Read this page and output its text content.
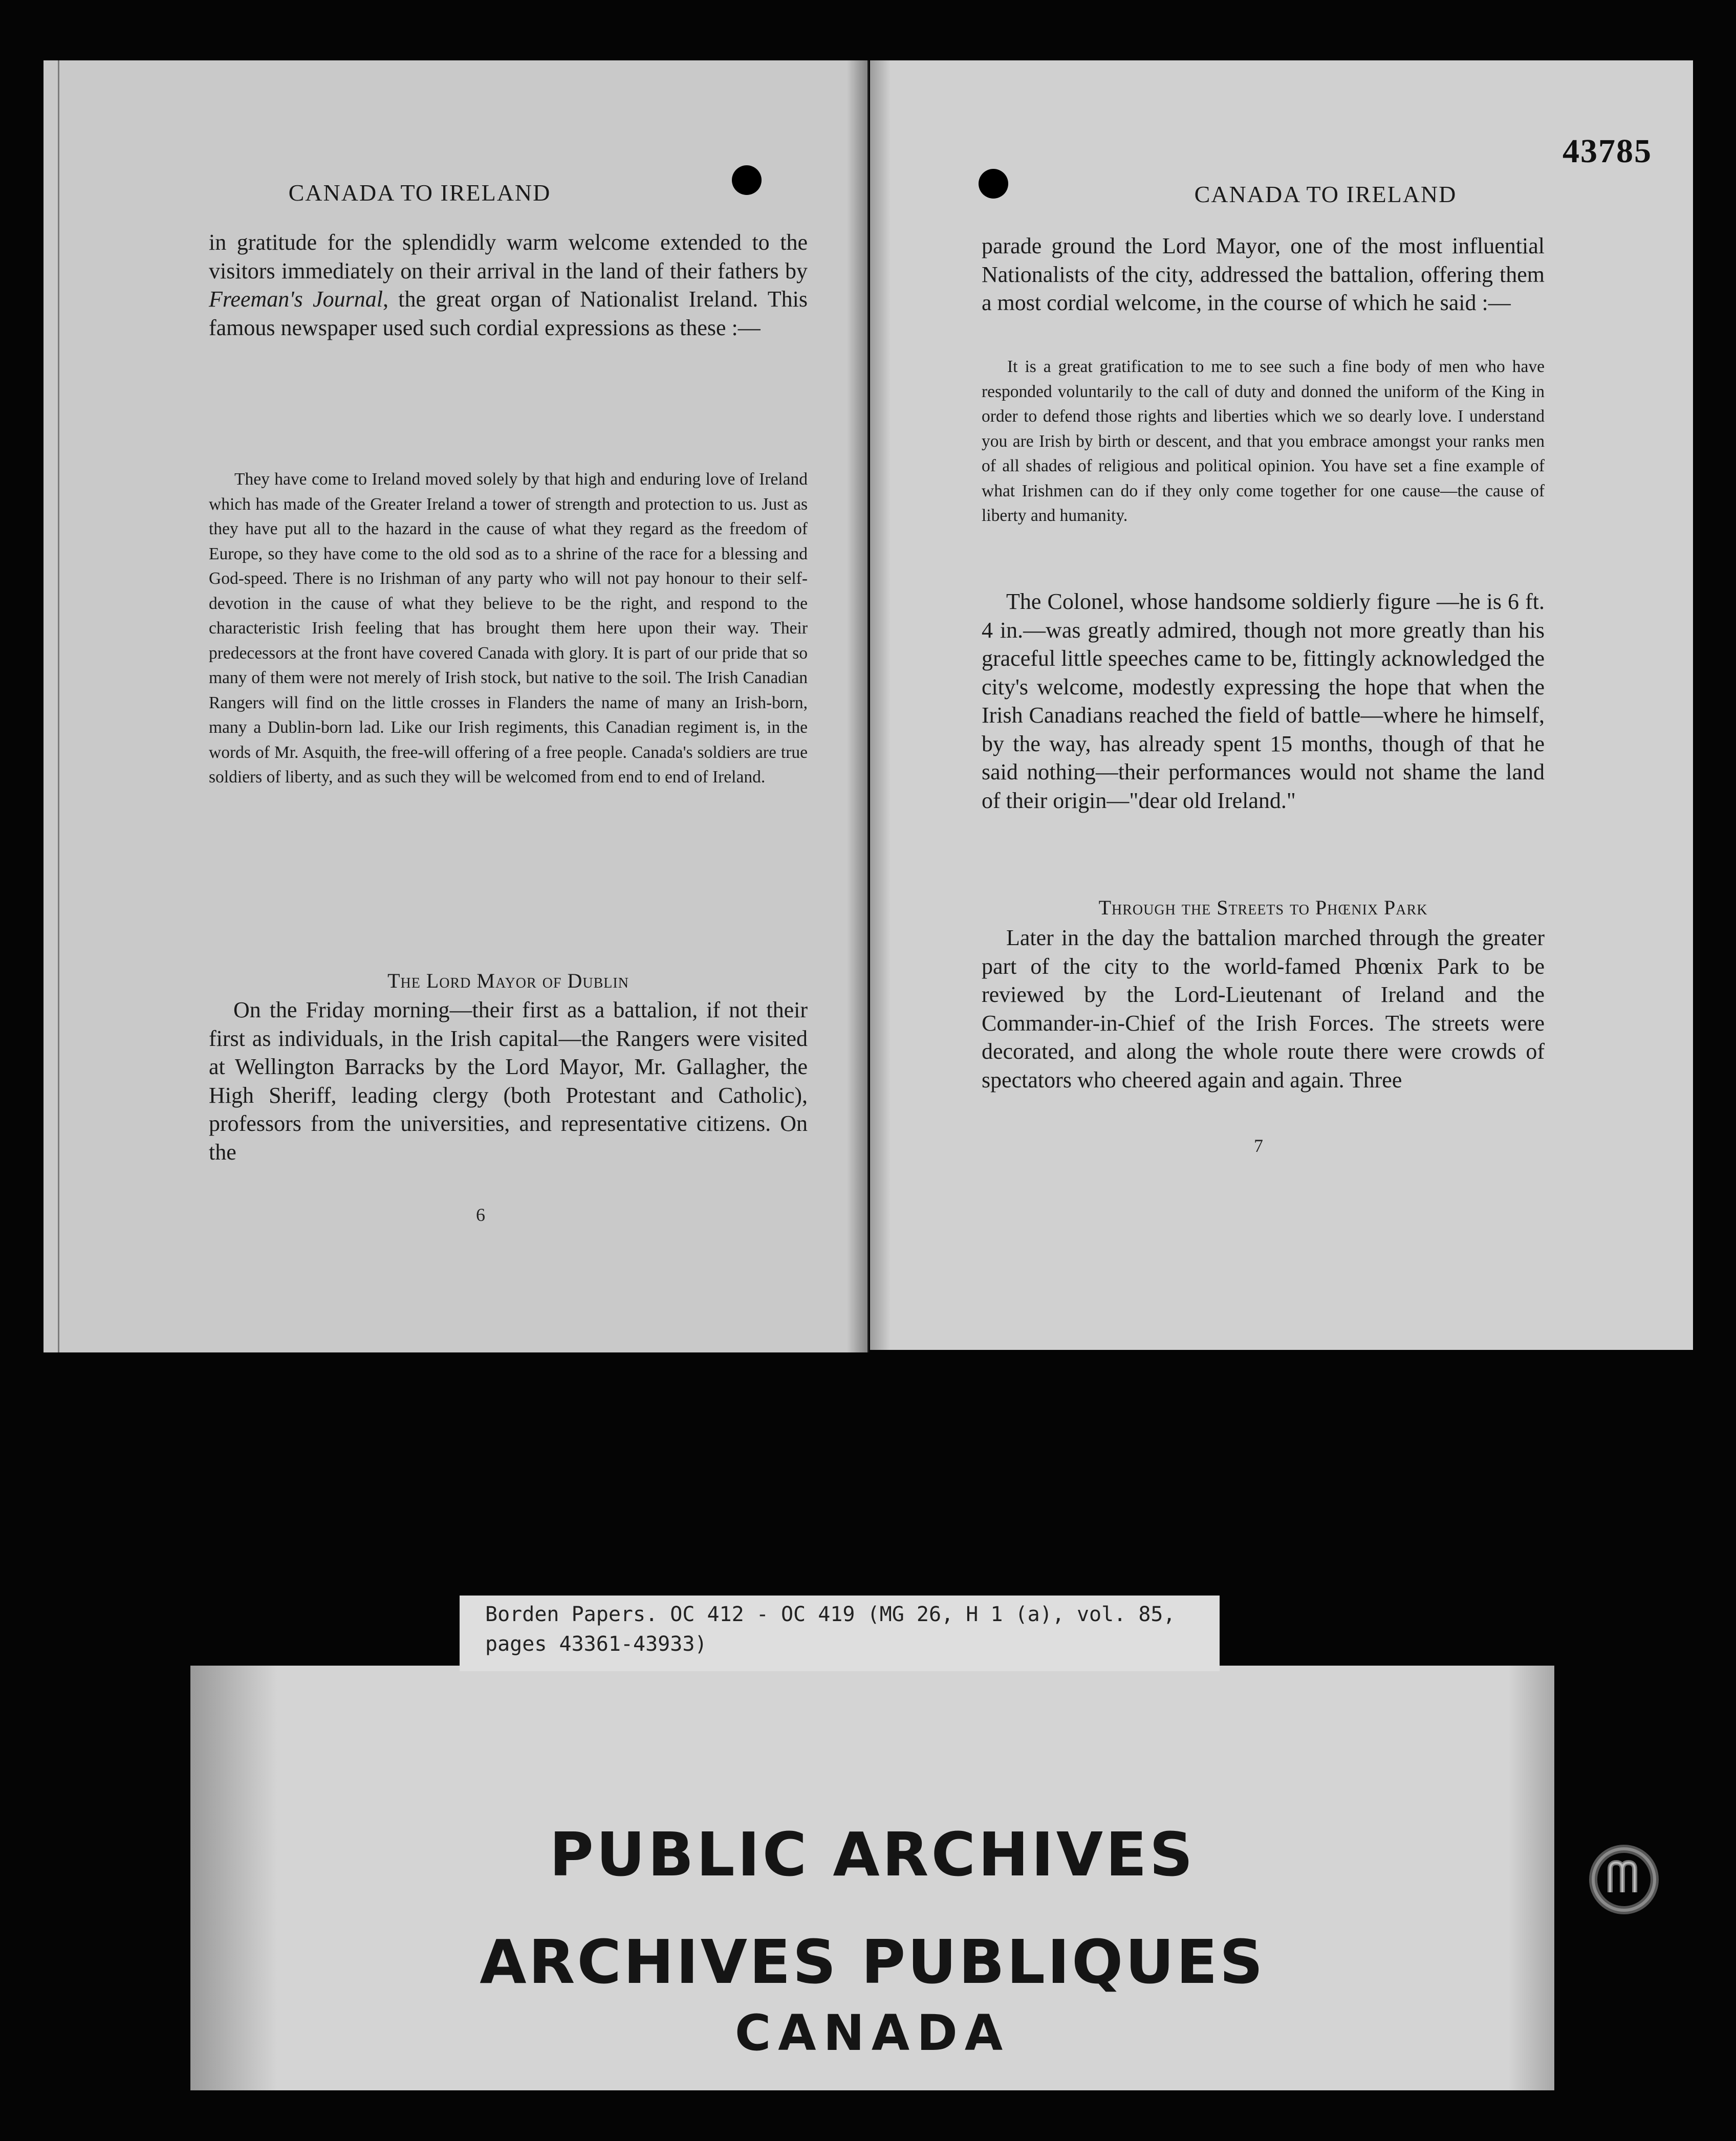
CANADA TO IRELAND

in gratitude for the splendidly warm welcome extended to the visitors immediately on their arrival in the land of their fathers by Freeman's Journal, the great organ of Nationalist Ireland. This famous newspaper used such cordial expressions as these :—

They have come to Ireland moved solely by that high and enduring love of Ireland which has made of the Greater Ireland a tower of strength and protection to us. Just as they have put all to the hazard in the cause of what they regard as the freedom of Europe, so they have come to the old sod as to a shrine of the race for a blessing and God-speed. There is no Irishman of any party who will not pay honour to their self-devotion in the cause of what they believe to be the right, and respond to the characteristic Irish feeling that has brought them here upon their way. Their predecessors at the front have covered Canada with glory. It is part of our pride that so many of them were not merely of Irish stock, but native to the soil. The Irish Canadian Rangers will find on the little crosses in Flanders the name of many an Irish-born, many a Dublin-born lad. Like our Irish regiments, this Canadian regiment is, in the words of Mr. Asquith, the free-will offering of a free people. Canada's soldiers are true soldiers of liberty, and as such they will be welcomed from end to end of Ireland.

The Lord Mayor of Dublin

On the Friday morning—their first as a battalion, if not their first as individuals, in the Irish capital—the Rangers were visited at Wellington Barracks by the Lord Mayor, Mr. Gallagher, the High Sheriff, leading clergy (both Protestant and Catholic), professors from the universities, and representative citizens. On the

6
43785
CANADA TO IRELAND

parade ground the Lord Mayor, one of the most influential Nationalists of the city, addressed the battalion, offering them a most cordial welcome, in the course of which he said :—

It is a great gratification to me to see such a fine body of men who have responded voluntarily to the call of duty and donned the uniform of the King in order to defend those rights and liberties which we so dearly love. I understand you are Irish by birth or descent, and that you embrace amongst your ranks men of all shades of religious and political opinion. You have set a fine example of what Irishmen can do if they only come together for one cause—the cause of liberty and humanity.

The Colonel, whose handsome soldierly figure —he is 6 ft. 4 in.—was greatly admired, though not more greatly than his graceful little speeches came to be, fittingly acknowledged the city's welcome, modestly expressing the hope that when the Irish Canadians reached the field of battle—where he himself, by the way, has already spent 15 months, though of that he said nothing—their performances would not shame the land of their origin—"dear old Ireland."

Through the Streets to Phœnix Park

Later in the day the battalion marched through the greater part of the city to the world-famed Phœnix Park to be reviewed by the Lord-Lieutenant of Ireland and the Commander-in-Chief of the Irish Forces. The streets were decorated, and along the whole route there were crowds of spectators who cheered again and again. Three

7
PUBLIC ARCHIVES
ARCHIVES PUBLIQUES
CANADA
Borden Papers. OC 412 - OC 419 (MG 26, H 1 (a), vol. 85,
pages 43361-43933)
